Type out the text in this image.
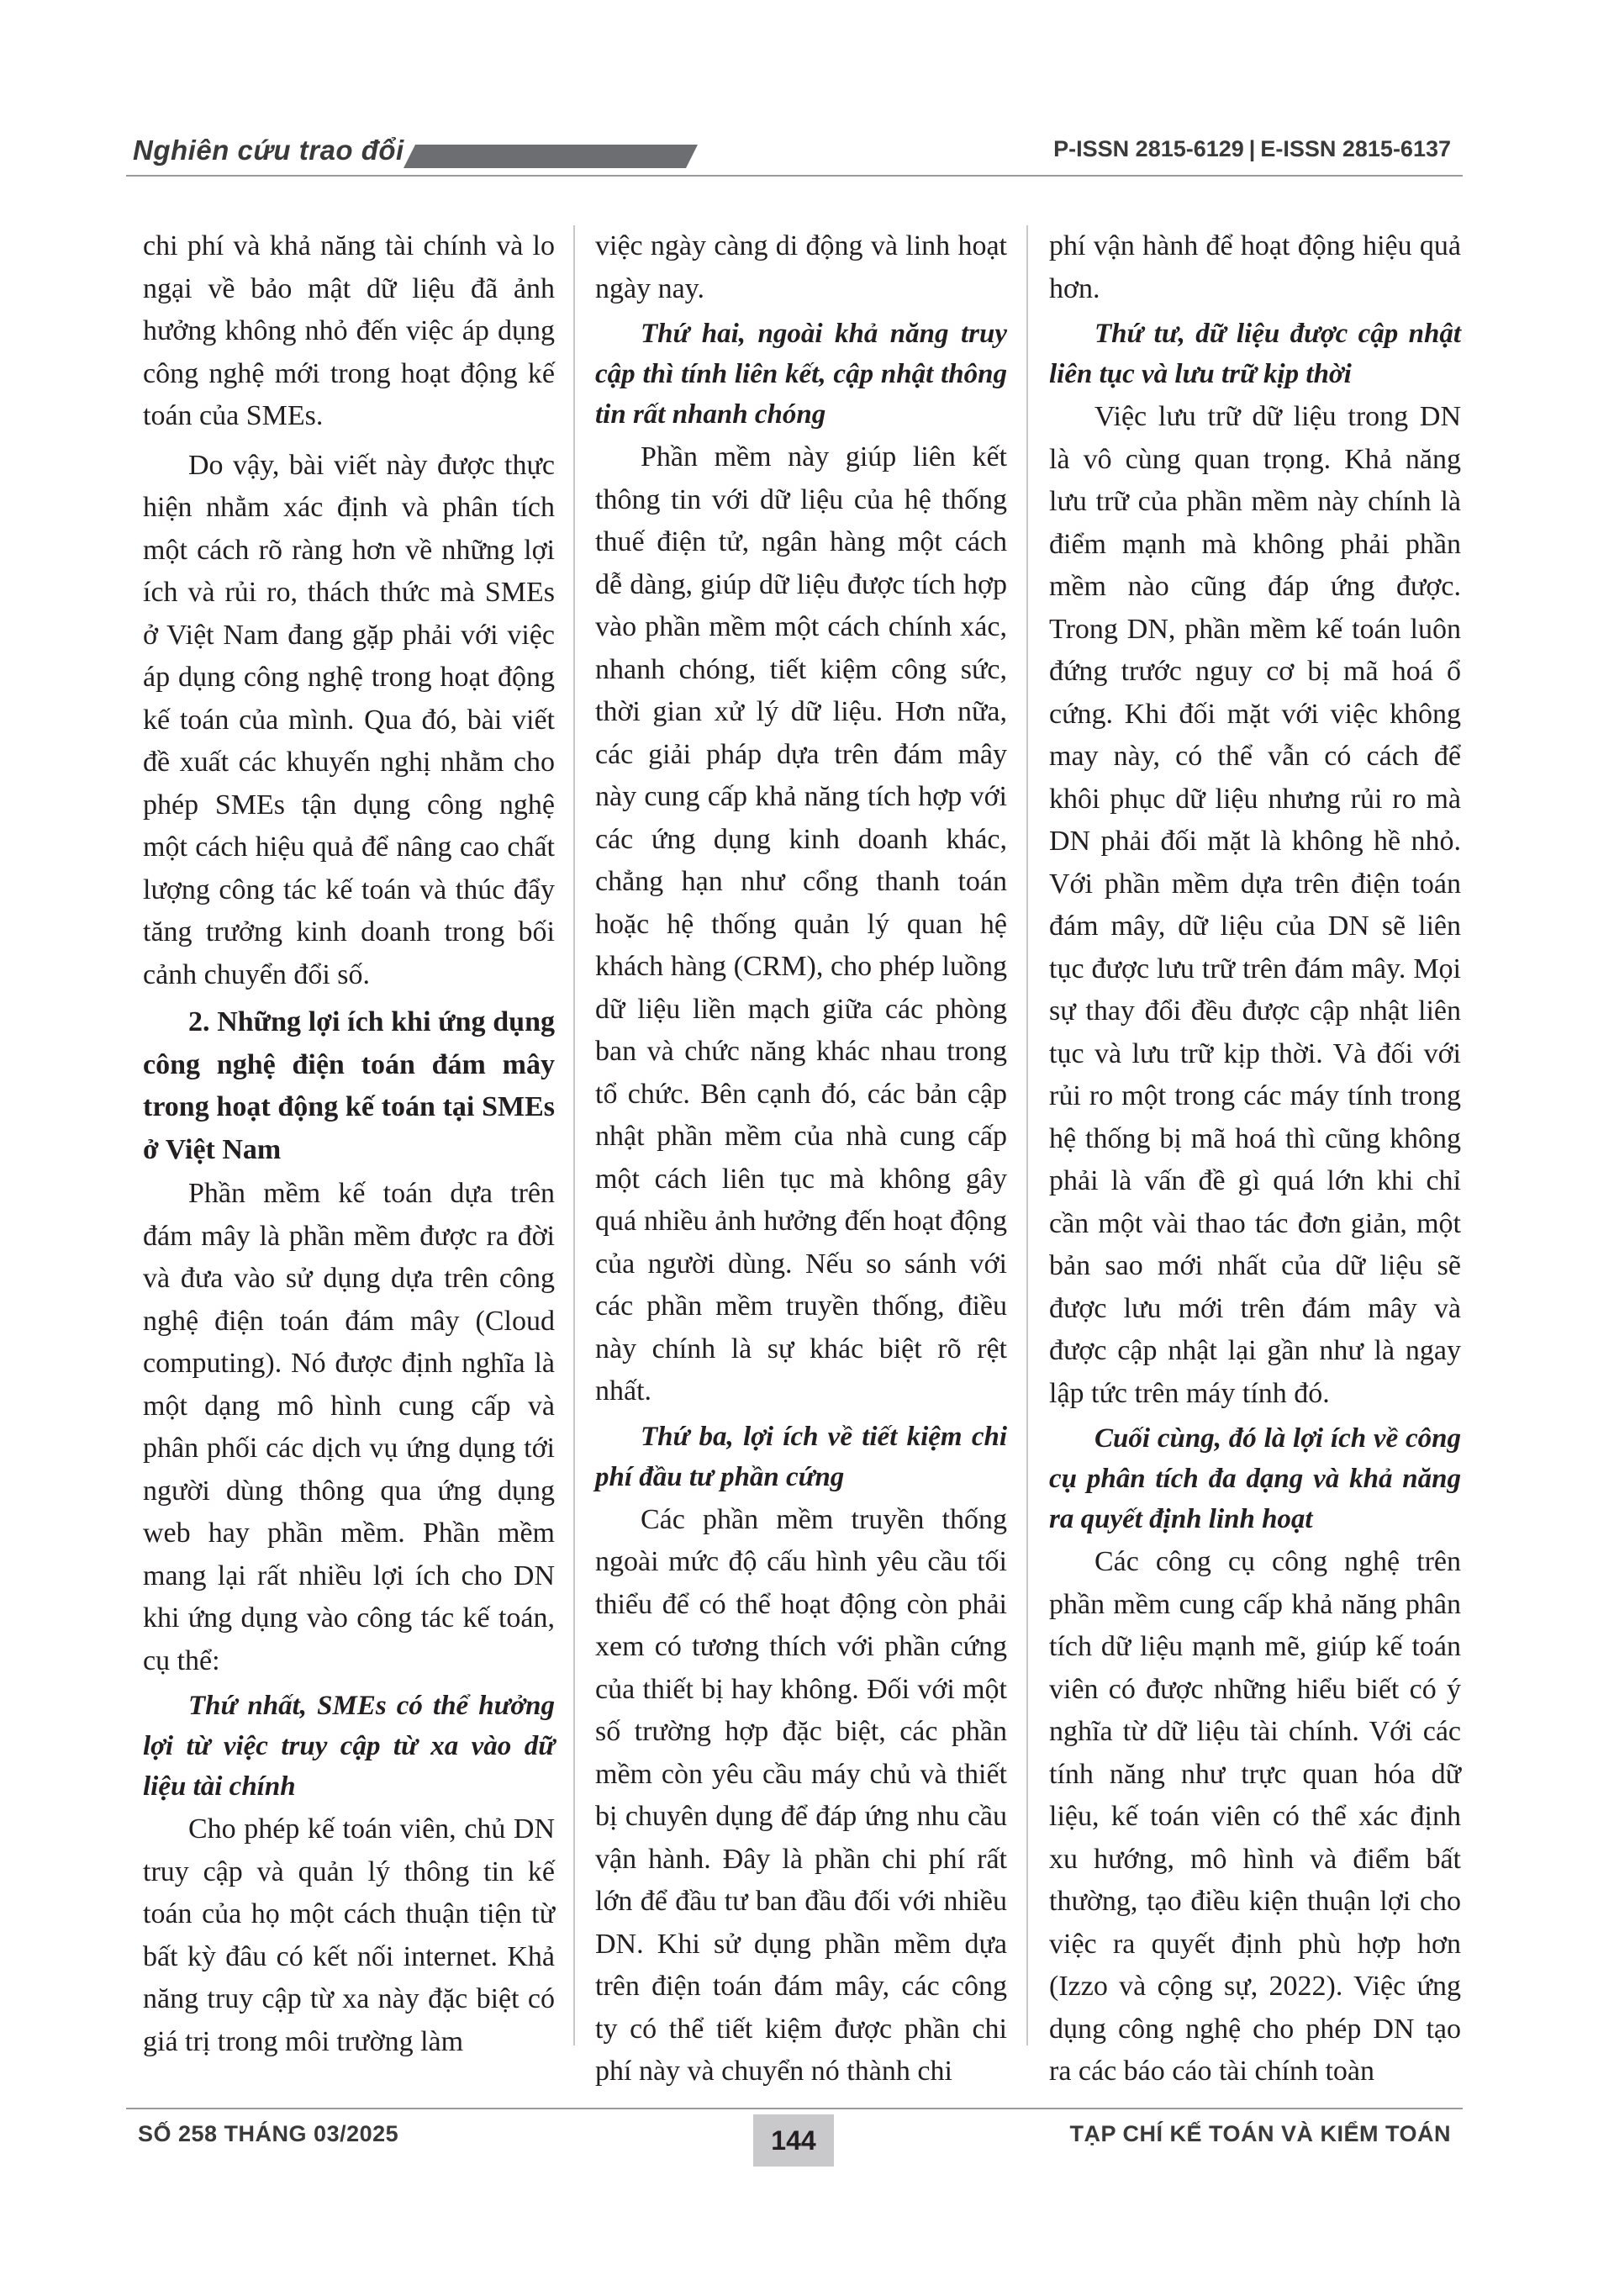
Nghiên cứu trao đổi	P-ISSN 2815-6129 | E-ISSN 2815-6137

chi phí và khả năng tài chính và lo ngại về bảo mật dữ liệu đã ảnh hưởng không nhỏ đến việc áp dụng công nghệ mới trong hoạt động kế toán của SMEs.

Do vậy, bài viết này được thực hiện nhằm xác định và phân tích một cách rõ ràng hơn về những lợi ích và rủi ro, thách thức mà SMEs ở Việt Nam đang gặp phải với việc áp dụng công nghệ trong hoạt động kế toán của mình. Qua đó, bài viết đề xuất các khuyến nghị nhằm cho phép SMEs tận dụng công nghệ một cách hiệu quả để nâng cao chất lượng công tác kế toán và thúc đẩy tăng trưởng kinh doanh trong bối cảnh chuyển đổi số.

2. Những lợi ích khi ứng dụng công nghệ điện toán đám mây trong hoạt động kế toán tại SMEs ở Việt Nam

Phần mềm kế toán dựa trên đám mây là phần mềm được ra đời và đưa vào sử dụng dựa trên công nghệ điện toán đám mây (Cloud computing). Nó được định nghĩa là một dạng mô hình cung cấp và phân phối các dịch vụ ứng dụng tới người dùng thông qua ứng dụng web hay phần mềm. Phần mềm mang lại rất nhiều lợi ích cho DN khi ứng dụng vào công tác kế toán, cụ thể:

Thứ nhất, SMEs có thể hưởng lợi từ việc truy cập từ xa vào dữ liệu tài chính

Cho phép kế toán viên, chủ DN truy cập và quản lý thông tin kế toán của họ một cách thuận tiện từ bất kỳ đâu có kết nối internet. Khả năng truy cập từ xa này đặc biệt có giá trị trong môi trường làm

việc ngày càng di động và linh hoạt ngày nay.

Thứ hai, ngoài khả năng truy cập thì tính liên kết, cập nhật thông tin rất nhanh chóng

Phần mềm này giúp liên kết thông tin với dữ liệu của hệ thống thuế điện tử, ngân hàng một cách dễ dàng, giúp dữ liệu được tích hợp vào phần mềm một cách chính xác, nhanh chóng, tiết kiệm công sức, thời gian xử lý dữ liệu. Hơn nữa, các giải pháp dựa trên đám mây này cung cấp khả năng tích hợp với các ứng dụng kinh doanh khác, chẳng hạn như cổng thanh toán hoặc hệ thống quản lý quan hệ khách hàng (CRM), cho phép luồng dữ liệu liền mạch giữa các phòng ban và chức năng khác nhau trong tổ chức. Bên cạnh đó, các bản cập nhật phần mềm của nhà cung cấp một cách liên tục mà không gây quá nhiều ảnh hưởng đến hoạt động của người dùng. Nếu so sánh với các phần mềm truyền thống, điều này chính là sự khác biệt rõ rệt nhất.

Thứ ba, lợi ích về tiết kiệm chi phí đầu tư phần cứng

Các phần mềm truyền thống ngoài mức độ cấu hình yêu cầu tối thiểu để có thể hoạt động còn phải xem có tương thích với phần cứng của thiết bị hay không. Đối với một số trường hợp đặc biệt, các phần mềm còn yêu cầu máy chủ và thiết bị chuyên dụng để đáp ứng nhu cầu vận hành. Đây là phần chi phí rất lớn để đầu tư ban đầu đối với nhiều DN. Khi sử dụng phần mềm dựa trên điện toán đám mây, các công ty có thể tiết kiệm được phần chi phí này và chuyển nó thành chi

phí vận hành để hoạt động hiệu quả hơn.

Thứ tư, dữ liệu được cập nhật liên tục và lưu trữ kịp thời

Việc lưu trữ dữ liệu trong DN là vô cùng quan trọng. Khả năng lưu trữ của phần mềm này chính là điểm mạnh mà không phải phần mềm nào cũng đáp ứng được. Trong DN, phần mềm kế toán luôn đứng trước nguy cơ bị mã hoá ổ cứng. Khi đối mặt với việc không may này, có thể vẫn có cách để khôi phục dữ liệu nhưng rủi ro mà DN phải đối mặt là không hề nhỏ. Với phần mềm dựa trên điện toán đám mây, dữ liệu của DN sẽ liên tục được lưu trữ trên đám mây. Mọi sự thay đổi đều được cập nhật liên tục và lưu trữ kịp thời. Và đối với rủi ro một trong các máy tính trong hệ thống bị mã hoá thì cũng không phải là vấn đề gì quá lớn khi chỉ cần một vài thao tác đơn giản, một bản sao mới nhất của dữ liệu sẽ được lưu mới trên đám mây và được cập nhật lại gần như là ngay lập tức trên máy tính đó.

Cuối cùng, đó là lợi ích về công cụ phân tích đa dạng và khả năng ra quyết định linh hoạt

Các công cụ công nghệ trên phần mềm cung cấp khả năng phân tích dữ liệu mạnh mẽ, giúp kế toán viên có được những hiểu biết có ý nghĩa từ dữ liệu tài chính. Với các tính năng như trực quan hóa dữ liệu, kế toán viên có thể xác định xu hướng, mô hình và điểm bất thường, tạo điều kiện thuận lợi cho việc ra quyết định phù hợp hơn (Izzo và cộng sự, 2022). Việc ứng dụng công nghệ cho phép DN tạo ra các báo cáo tài chính toàn

SỐ 258 THÁNG 03/2025	144	TẠP CHÍ KẾ TOÁN VÀ KIỂM TOÁN
